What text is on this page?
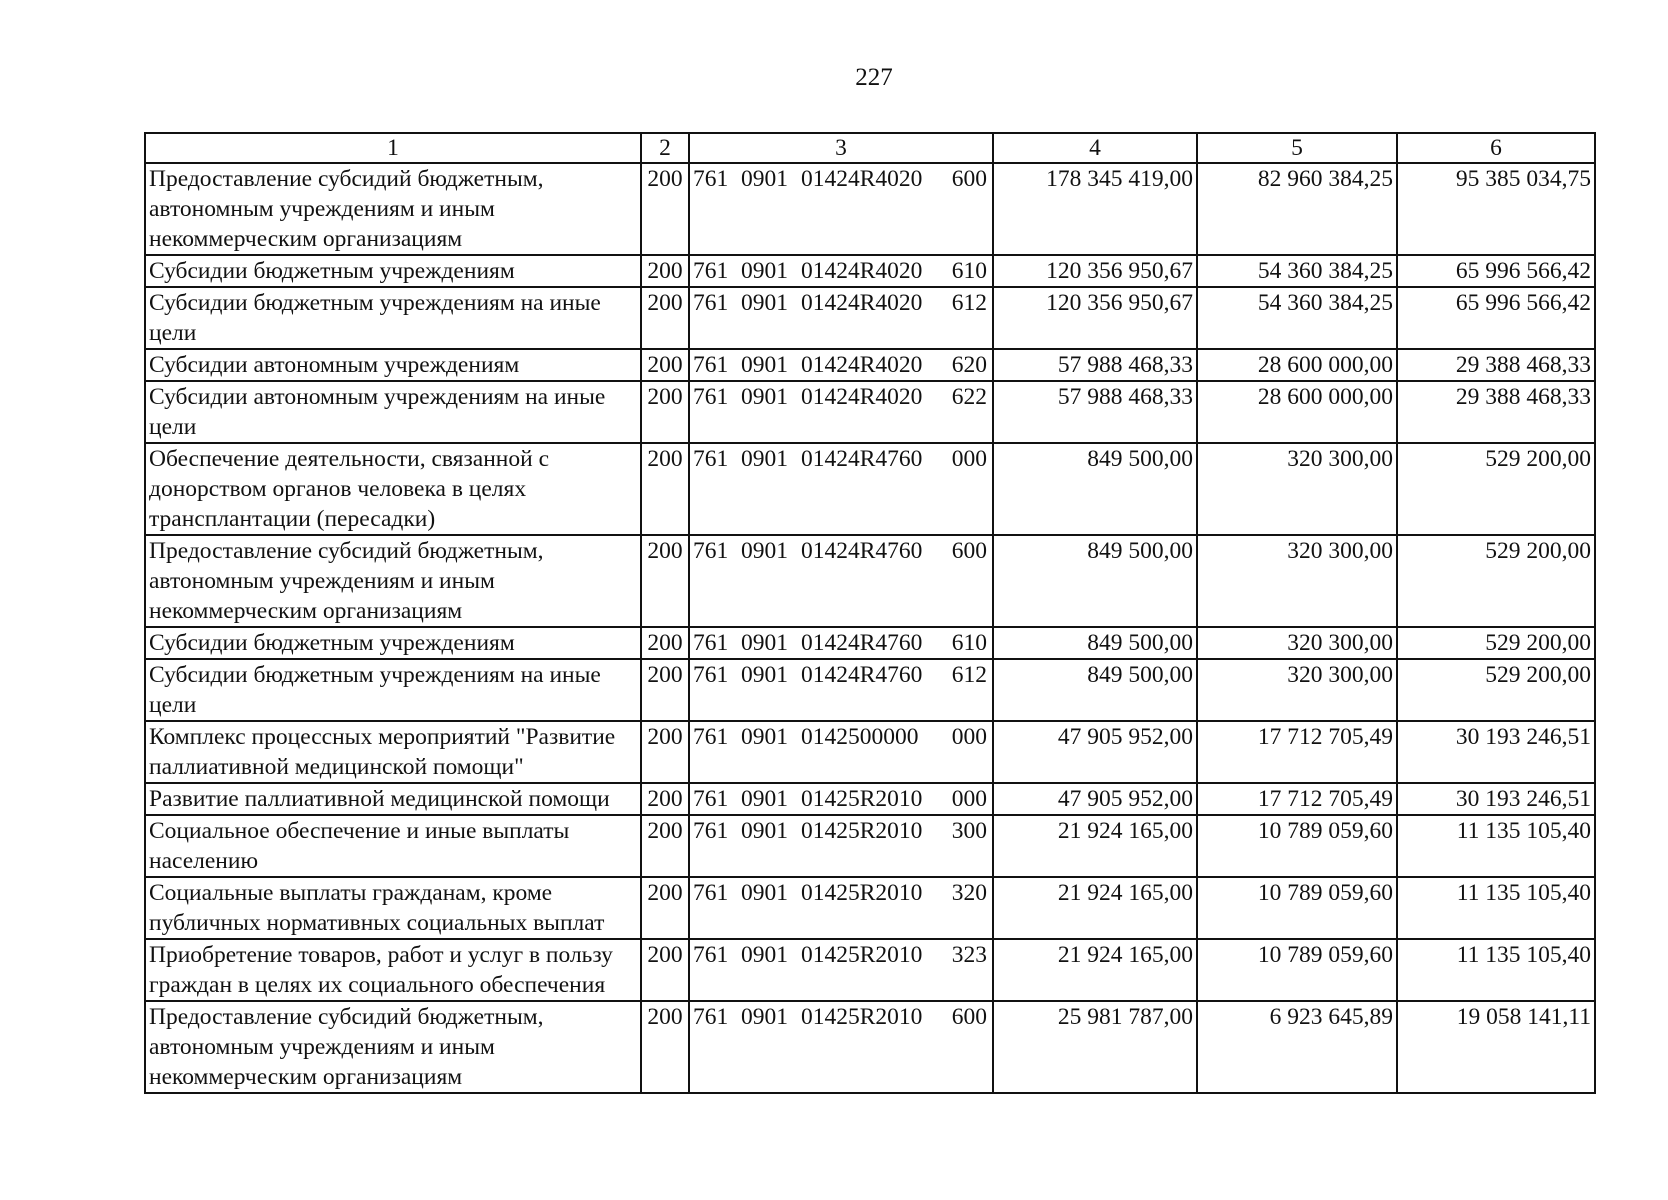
227
1	2	3	4	5	6
Предоставление субсидий бюджетным, автономным учреждениям и иным некоммерческим организациям	200	761 0901 01424R4020 600	178 345 419,00	82 960 384,25	95 385 034,75
Субсидии бюджетным учреждениям	200	761 0901 01424R4020 610	120 356 950,67	54 360 384,25	65 996 566,42
Субсидии бюджетным учреждениям на иные цели	200	761 0901 01424R4020 612	120 356 950,67	54 360 384,25	65 996 566,42
Субсидии автономным учреждениям	200	761 0901 01424R4020 620	57 988 468,33	28 600 000,00	29 388 468,33
Субсидии автономным учреждениям на иные цели	200	761 0901 01424R4020 622	57 988 468,33	28 600 000,00	29 388 468,33
Обеспечение деятельности, связанной с донорством органов человека в целях трансплантации (пересадки)	200	761 0901 01424R4760 000	849 500,00	320 300,00	529 200,00
Предоставление субсидий бюджетным, автономным учреждениям и иным некоммерческим организациям	200	761 0901 01424R4760 600	849 500,00	320 300,00	529 200,00
Субсидии бюджетным учреждениям	200	761 0901 01424R4760 610	849 500,00	320 300,00	529 200,00
Субсидии бюджетным учреждениям на иные цели	200	761 0901 01424R4760 612	849 500,00	320 300,00	529 200,00
Комплекс процессных мероприятий "Развитие паллиативной медицинской помощи"	200	761 0901 0142500000 000	47 905 952,00	17 712 705,49	30 193 246,51
Развитие паллиативной медицинской помощи	200	761 0901 01425R2010 000	47 905 952,00	17 712 705,49	30 193 246,51
Социальное обеспечение и иные выплаты населению	200	761 0901 01425R2010 300	21 924 165,00	10 789 059,60	11 135 105,40
Социальные выплаты гражданам, кроме публичных нормативных социальных выплат	200	761 0901 01425R2010 320	21 924 165,00	10 789 059,60	11 135 105,40
Приобретение товаров, работ и услуг в пользу граждан в целях их социального обеспечения	200	761 0901 01425R2010 323	21 924 165,00	10 789 059,60	11 135 105,40
Предоставление субсидий бюджетным, автономным учреждениям и иным некоммерческим организациям	200	761 0901 01425R2010 600	25 981 787,00	6 923 645,89	19 058 141,11
